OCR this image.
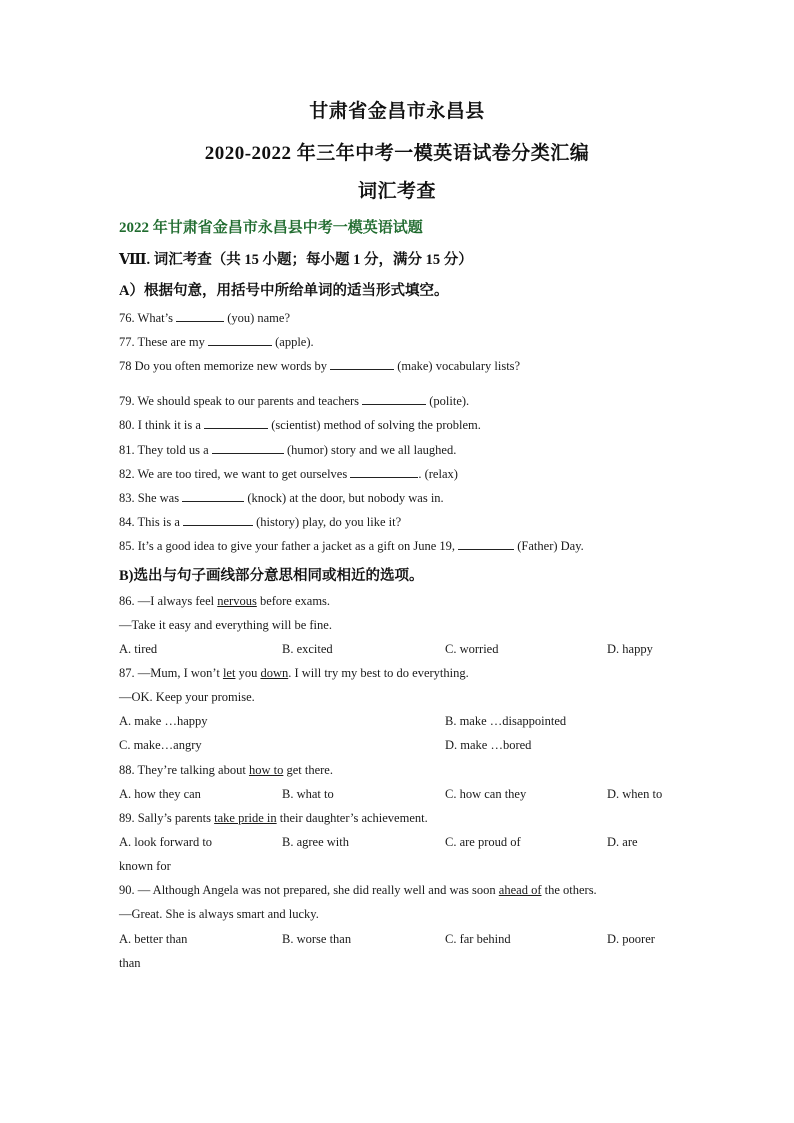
甘肃省金昌市永昌县
2020-2022 年三年中考一模英语试卷分类汇编
词汇考查
2022 年甘肃省金昌市永昌县中考一模英语试题
Ⅷ. 词汇考查（共 15 小题；每小题 1 分，满分 15 分）
A）根据句意，用括号中所给单词的适当形式填空。
76. What’s	(you) name?
77. These are my	(apple).
78 Do you often memorize new words by	(make) vocabulary lists?
79. We should speak to our parents and teachers	(polite).
80. I think it is a	(scientist) method of solving the problem.
81. They told us a	(humor) story and we all laughed.
82. We are too tired, we want to get ourselves	. (relax)
83. She was	(knock) at the door, but nobody was in.
84. This is a	(history) play, do you like it?
85. It’s a good idea to give your father a jacket as a gift on June 19,	(Father) Day.
B)选出与句子画线部分意思相同或相近的选项。
86. —I always feel nervous before exams.
—Take it easy and everything will be fine.
A. tired	B. excited	C. worried	D. happy
87. —Mum, I won’t let you down. I will try my best to do everything.
—OK. Keep your promise.
A. make …happy	B. make …disappointed
C. make…angry	D. make …bored
88. They’re talking about how to get there.
A. how they can	B. what to	C. how can they	D. when to
89. Sally’s parents take pride in their daughter’s achievement.
A. look forward to	B. agree with	C. are proud of	D. are
known for
90. — Although Angela was not prepared, she did really well and was soon ahead of the others.
—Great. She is always smart and lucky.
A. better than	B. worse than	C. far behind	D. poorer
than
